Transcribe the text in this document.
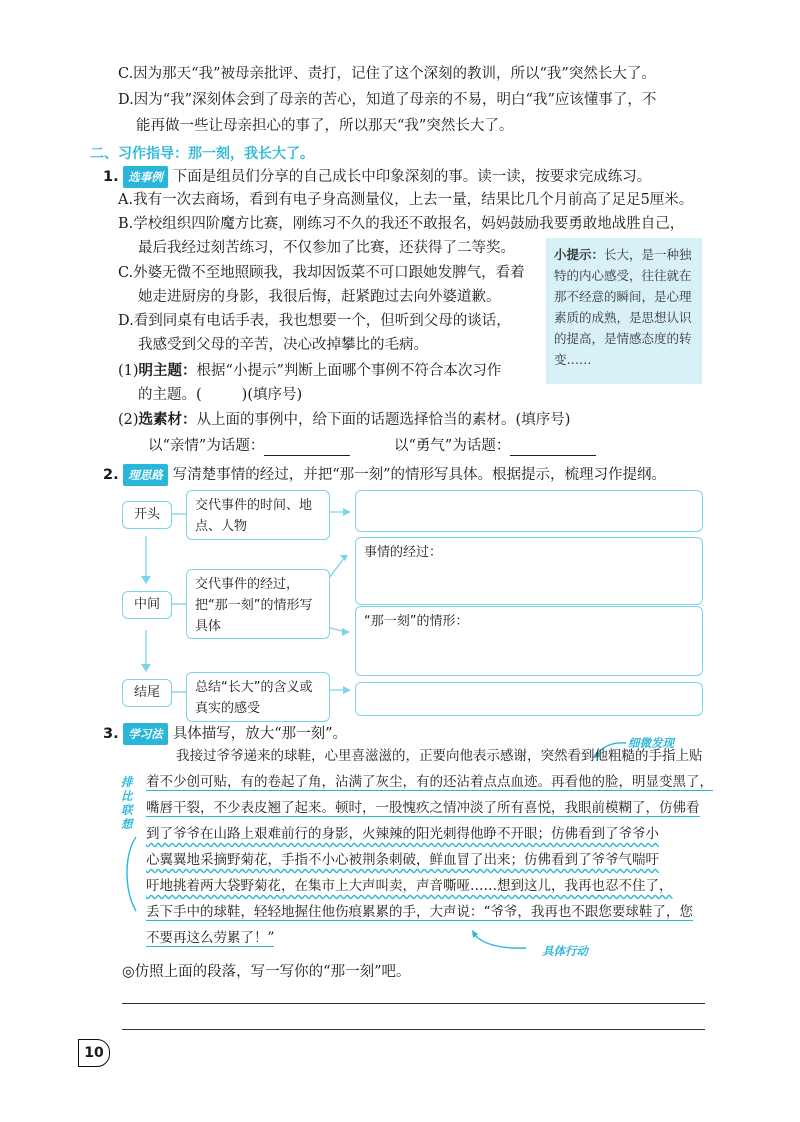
C.因为那天“我”被母亲批评、责打，记住了这个深刻的教训，所以“我”突然长大了。
D.因为“我”深刻体会到了母亲的苦心，知道了母亲的不易，明白“我”应该懂事了，不
能再做一些让母亲担心的事了，所以那天“我”突然长大了。
二、习作指导：那一刻，我长大了。
1. 选事例 下面是组员们分享的自己成长中印象深刻的事。读一读，按要求完成练习。
A.我有一次去商场，看到有电子身高测量仪，上去一量，结果比几个月前高了足足5厘米。
B.学校组织四阶魔方比赛，刚练习不久的我还不敢报名，妈妈鼓励我要勇敢地战胜自己，
最后我经过刻苦练习，不仅参加了比赛，还获得了二等奖。
C.外婆无微不至地照顾我，我却因饭菜不可口跟她发脾气，看着
她走进厨房的身影，我很后悔，赶紧跑过去向外婆道歉。
D.看到同桌有电话手表，我也想要一个，但听到父母的谈话，
我感受到父母的辛苦，决心改掉攀比的毛病。
小提示：长大，是一种独特的内心感受，往往就在那不经意的瞬间，是心理素质的成熟，是思想认识的提高，是情感态度的转变……
(1)明主题：根据“小提示”判断上面哪个事例不符合本次习作
的主题。(	)(填序号)
(2)选素材：从上面的事例中，给下面的话题选择恰当的素材。(填序号)
以“亲情”为话题：	以“勇气”为话题：
2. 理思路 写清楚事情的经过，并把“那一刻”的情形写具体。根据提示，梳理习作提纲。
开头
中间
结尾
交代事件的时间、地点、人物
交代事件的经过，把“那一刻”的情形写具体
总结“长大”的含义或真实的感受
事情的经过：
“那一刻”的情形：
3. 学习法 具体描写，放大“那一刻”。
细微发现
排比联想
我接过爷爷递来的球鞋，心里喜滋滋的，正要向他表示感谢，突然看到他粗糙的手指上贴
着不少创可贴，有的卷起了角，沾满了灰尘，有的还沾着点点血迹。再看他的脸，明显变黑了，
嘴唇干裂，不少表皮翘了起来。顿时，一股愧疚之情冲淡了所有喜悦，我眼前模糊了，仿佛看
到了爷爷在山路上艰难前行的身影，火辣辣的阳光刺得他睁不开眼；仿佛看到了爷爷小
心翼翼地采摘野菊花，手指不小心被荆条刺破，鲜血冒了出来；仿佛看到了爷爷气喘吁
吁地挑着两大袋野菊花，在集市上大声叫卖，声音嘶哑……想到这儿，我再也忍不住了，
丢下手中的球鞋，轻轻地握住他伤痕累累的手，大声说：“爷爷，我再也不跟您要球鞋了，您
不要再这么劳累了！”
具体行动
◎仿照上面的段落，写一写你的“那一刻”吧。
10
